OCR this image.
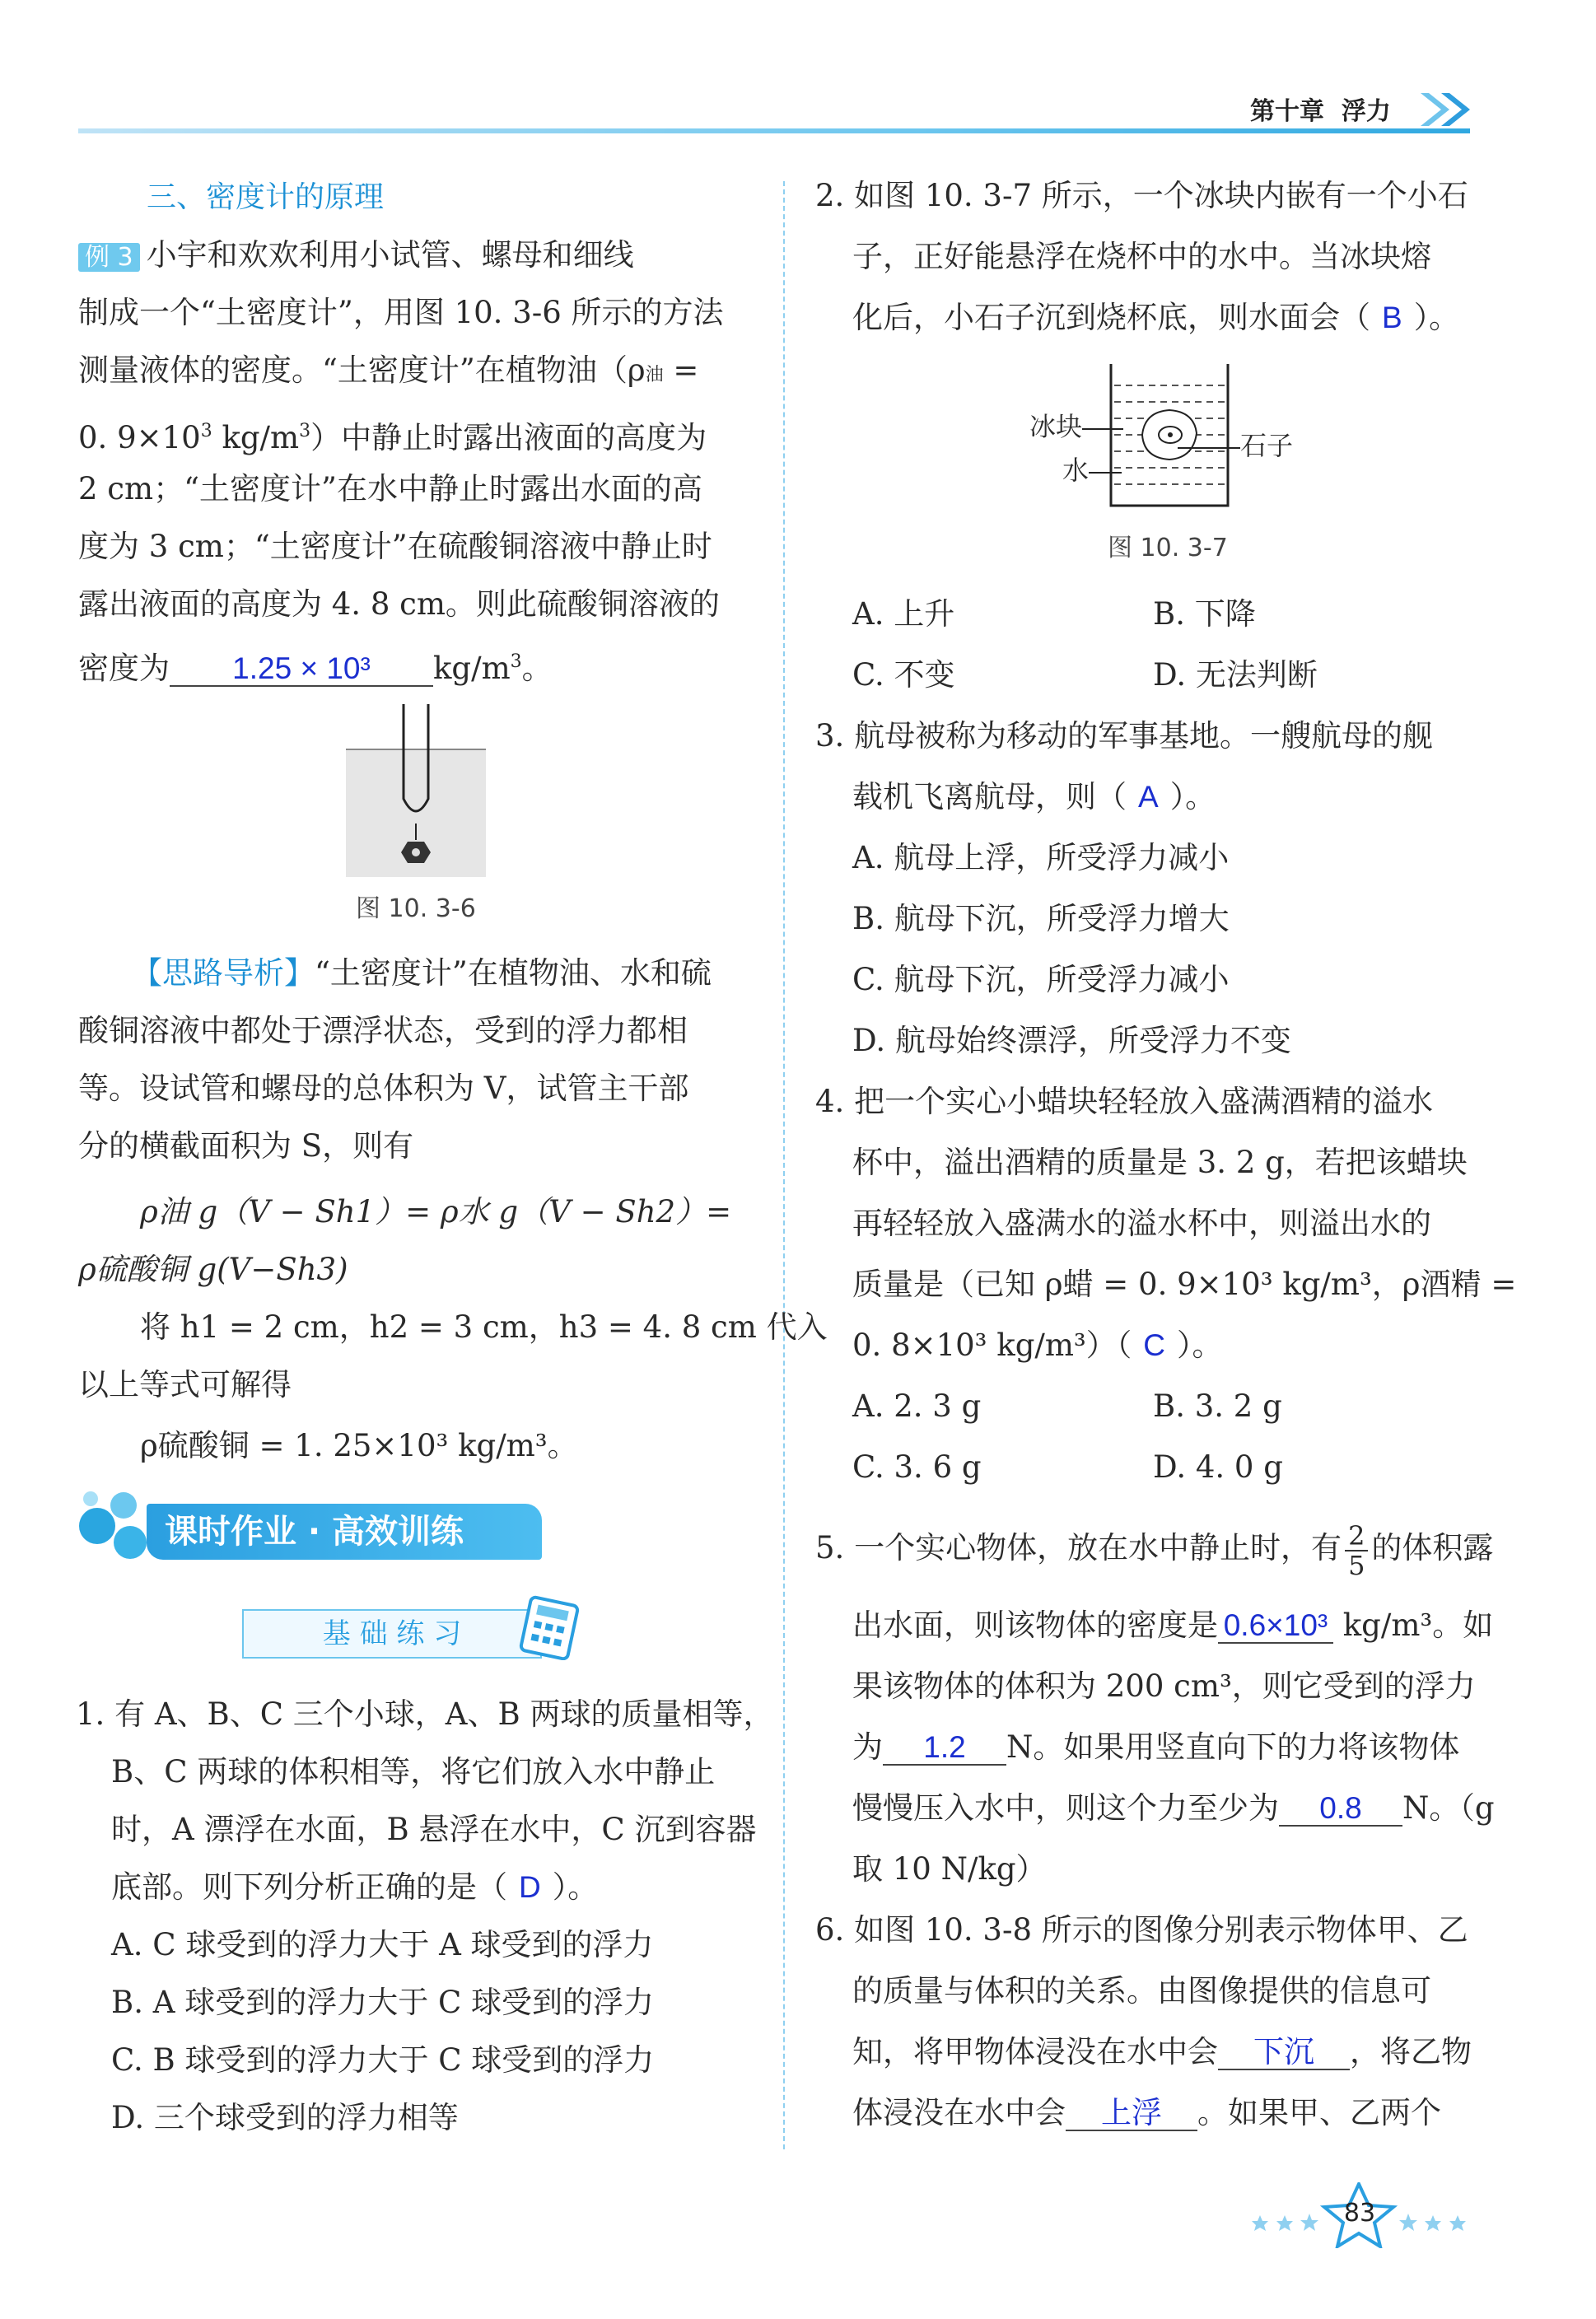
第十章 浮力
三、密度计的原理
例 3 小宇和欢欢利用小试管、螺母和细线
制成一个“土密度计”，用图 10. 3-6 所示的方法
测量液体的密度。“土密度计”在植物油（ρ油 =
0. $9\times 10^3$ $kg/m^3$）中静止时露出液面的高度为
2 cm；“土密度计”在水中静止时露出水面的高
度为 3 cm；“土密度计”在硫酸铜溶液中静止时
露出液面的高度为 4. 8 cm。则此硫酸铜溶液的
密度为 1.25 × 10³ $kg/m^3$。
图 10. 3-6
【思路导析】“土密度计”在植物油、水和硫
酸铜溶液中都处于漂浮状态，受到的浮力都相
等。设试管和螺母的总体积为 V，试管主干部
分的横截面积为 S，则有
ρ油 g（V − Sh1）= ρ水 g（V − Sh2）=
ρ硫酸铜 g(V−Sh3)
将 h1 = 2 cm，h2 = 3 cm，h3 = 4. 8 cm 代入
以上等式可解得
ρ硫酸铜 = 1. 25×10³ kg/m³。
课时作业 · 高效训练
基 础 练 习
1. 有 A、B、C 三个小球，A、B 两球的质量相等，
B、C 两球的体积相等，将它们放入水中静止
时，A 漂浮在水面，B 悬浮在水中，C 沉到容器
底部。则下列分析正确的是（ D ）。
A. C 球受到的浮力大于 A 球受到的浮力
B. A 球受到的浮力大于 C 球受到的浮力
C. B 球受到的浮力大于 C 球受到的浮力
D. 三个球受到的浮力相等
2. 如图 10. 3-7 所示，一个冰块内嵌有一个小石
子，正好能悬浮在烧杯中的水中。当冰块熔
化后，小石子沉到烧杯底，则水面会（ B ）。
冰块
水
石子
图 10. 3-7
A. 上升	B. 下降
C. 不变	D. 无法判断
3. 航母被称为移动的军事基地。一艘航母的舰
载机飞离航母，则（ A ）。
A. 航母上浮，所受浮力减小
B. 航母下沉，所受浮力增大
C. 航母下沉，所受浮力减小
D. 航母始终漂浮，所受浮力不变
4. 把一个实心小蜡块轻轻放入盛满酒精的溢水
杯中，溢出酒精的质量是 3. 2 g，若把该蜡块
再轻轻放入盛满水的溢水杯中，则溢出水的
质量是（已知 ρ蜡 = 0. 9×10³ kg/m³，ρ酒精 =
0. 8×10³ kg/m³）（ C ）。
A. 2. 3 g	B. 3. 2 g
C. 3. 6 g	D. 4. 0 g
5. 一个实心物体，放在水中静止时，有 $\frac{2}{5}$ 的体积露
出水面，则该物体的密度是 0.6×10³ kg/m³。如
果该物体的体积为 200 cm³，则它受到的浮力
为 1.2 N。如果用竖直向下的力将该物体
慢慢压入水中，则这个力至少为 0.8 N。（g
取 10 N/kg）
6. 如图 10. 3-8 所示的图像分别表示物体甲、乙
的质量与体积的关系。由图像提供的信息可
知，将甲物体浸没在水中会 下沉 ，将乙物
体浸没在水中会 上浮 。如果甲、乙两个
83
